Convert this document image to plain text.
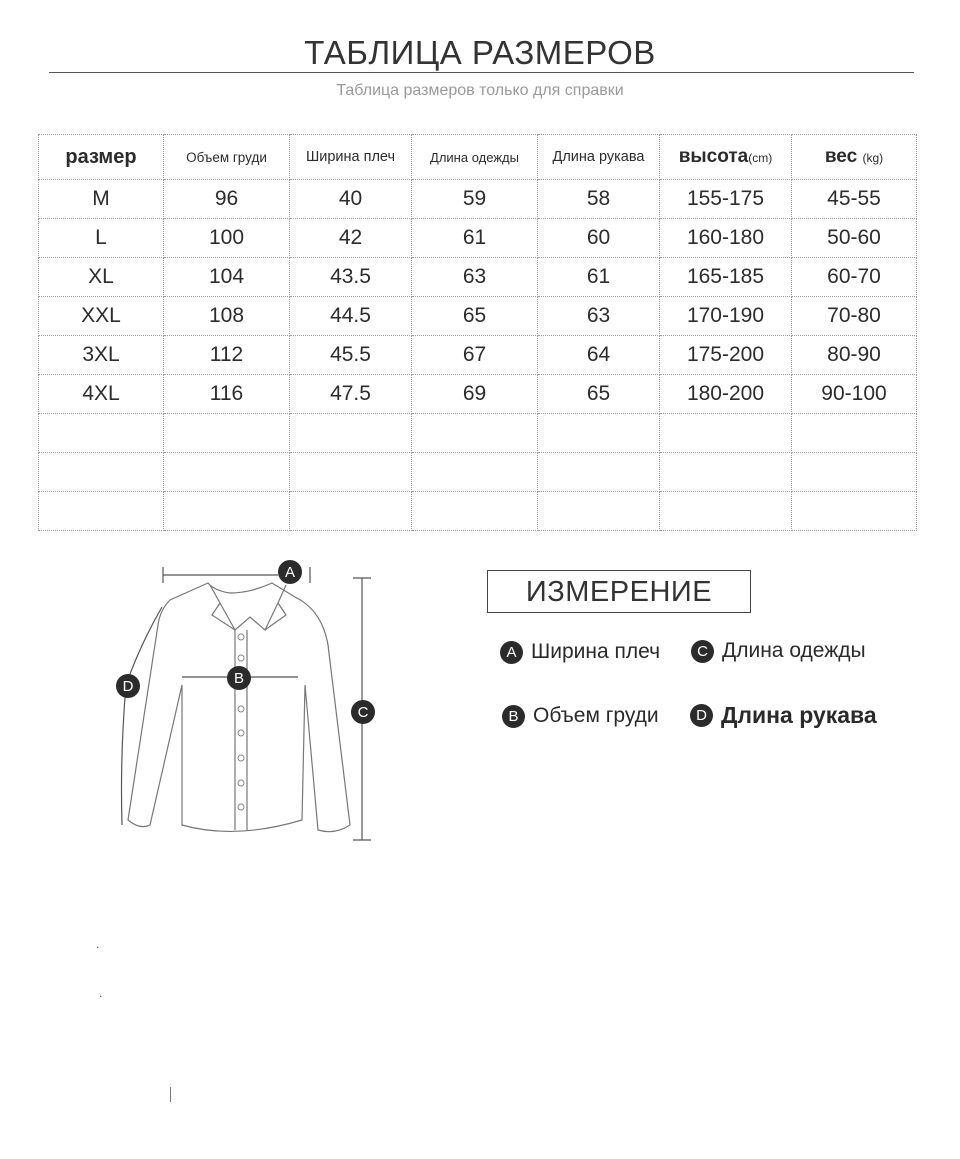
ТАБЛИЦА РАЗМЕРОВ
Таблица размеров только для справки
размер	Объем груди	Ширина плеч	Длина одежды	Длина рукава	высота(cm)	вес (kg)
M	96	40	59	58	155-175	45-55
L	100	42	61	60	160-180	50-60
XL	104	43.5	63	61	165-185	60-70
XXL	108	44.5	65	63	170-190	70-80
3XL	112	45.5	67	64	175-200	80-90
4XL	116	47.5	69	65	180-200	90-100

A
B
C
D
ИЗМЕРЕНИЕ
A Ширина плеч	C Длина одежды
B Объем груди	D Длина рукава
.
.
